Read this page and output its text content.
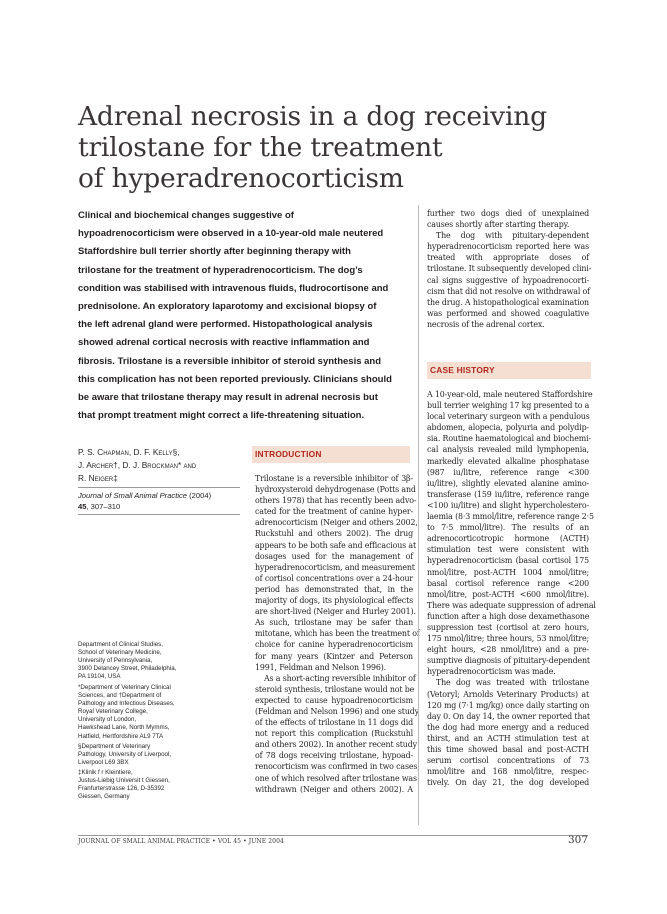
Adrenal necrosis in a dog receiving
trilostane for the treatment
of hyperadrenocorticism

Clinical and biochemical changes suggestive of
hypoadrenocorticism were observed in a 10-year-old male neutered
Staffordshire bull terrier shortly after beginning therapy with
trilostane for the treatment of hyperadrenocorticism. The dog’s
condition was stabilised with intravenous fluids, fludrocortisone and
prednisolone. An exploratory laparotomy and excisional biopsy of
the left adrenal gland were performed. Histopathological analysis
showed adrenal cortical necrosis with reactive inflammation and
fibrosis. Trilostane is a reversible inhibitor of steroid synthesis and
this complication has not been reported previously. Clinicians should
be aware that trilostane therapy may result in adrenal necrosis but
that prompt treatment might correct a life-threatening situation.

P. S. Chapman, D. F. Kelly§,
J. Archer†, D. J. Brockman* and
R. Neiger‡
Journal of Small Animal Practice (2004)
45, 307–310
Department of Clinical Studies,
School of Veterinary Medicine,
University of Pennsylvania,
3900 Delancey Street, Philadelphia,
PA 19104, USA
*Department of Veterinary Clinical
Sciences, and †Department of
Pathology and Infectious Diseases,
Royal Veterinary College,
University of London,
Hawkshead Lane, North Mymms,
Hatfield, Hertfordshire AL9 7TA
§Department of Veterinary
Pathology, University of Liverpool,
Liverpool L69 3BX
‡Klinik f r Kleintiere,
Justus-Liebig Universit t Giessen,
Franfurterstrasse 126, D-35392
Giessen, Germany
INTRODUCTION
Trilostane is a reversible inhibitor of 3β-
hydroxysteroid dehydrogenase (Potts and
others 1978) that has recently been advo-
cated for the treatment of canine hyper-
adrenocorticism (Neiger and others 2002,
Ruckstuhl and others 2002). The drug
appears to be both safe and efficacious at
dosages used for the management of
hyperadrenocorticism, and measurement
of cortisol concentrations over a 24-hour
period has demonstrated that, in the
majority of dogs, its physiological effects
are short-lived (Neiger and Hurley 2001).
As such, trilostane may be safer than
mitotane, which has been the treatment of
choice for canine hyperadrenocorticism
for many years (Kintzer and Peterson
1991, Feldman and Nelson 1996).
As a short-acting reversible inhibitor of
steroid synthesis, trilostane would not be
expected to cause hypoadrenocorticism
(Feldman and Nelson 1996) and one study
of the effects of trilostane in 11 dogs did
not report this complication (Ruckstuhl
and others 2002). In another recent study
of 78 dogs receiving trilostane, hypoad-
renocorticism was confirmed in two cases,
one of which resolved after trilostane was
withdrawn (Neiger and others 2002). A
further two dogs died of unexplained
causes shortly after starting therapy.
The dog with pituitary-dependent
hyperadrenocorticism reported here was
treated with appropriate doses of
trilostane. It subsequently developed clini-
cal signs suggestive of hypoadrenocorti-
cism that did not resolve on withdrawal of
the drug. A histopathological examination
was performed and showed coagulative
necrosis of the adrenal cortex.
CASE HISTORY
A 10-year-old, male neutered Staffordshire
bull terrier weighing 17 kg presented to a
local veterinary surgeon with a pendulous
abdomen, alopecia, polyuria and polydip-
sia. Routine haematological and biochemi-
cal analysis revealed mild lymphopenia,
markedly elevated alkaline phosphatase
(987 iu/litre, reference range <300
iu/litre), slightly elevated alanine amino-
transferase (159 iu/litre, reference range
<100 iu/litre) and slight hypercholestero-
laemia (8·3 mmol/litre, reference range 2·5
to 7·5 mmol/litre). The results of an
adrenocorticotropic hormone (ACTH)
stimulation test were consistent with
hyperadrenocorticism (basal cortisol 175
nmol/litre, post-ACTH 1004 nmol/litre;
basal cortisol reference range <200
nmol/litre, post-ACTH <600 nmol/litre).
There was adequate suppression of adrenal
function after a high dose dexamethasone
suppression test (cortisol at zero hours,
175 nmol/litre; three hours, 53 nmol/litre;
eight hours, <28 nmol/litre) and a pre-
sumptive diagnosis of pituitary-dependent
hyperadrenocorticism was made.
The dog was treated with trilostane
(Vetoryl; Arnolds Veterinary Products) at
120 mg (7·1 mg/kg) once daily starting on
day 0. On day 14, the owner reported that
the dog had more energy and a reduced
thirst, and an ACTH stimulation test at
this time showed basal and post-ACTH
serum cortisol concentrations of 73
nmol/litre and 168 nmol/litre, respec-
tively. On day 21, the dog developed
JOURNAL OF SMALL ANIMAL PRACTICE • VOL 45 • JUNE 2004	307
